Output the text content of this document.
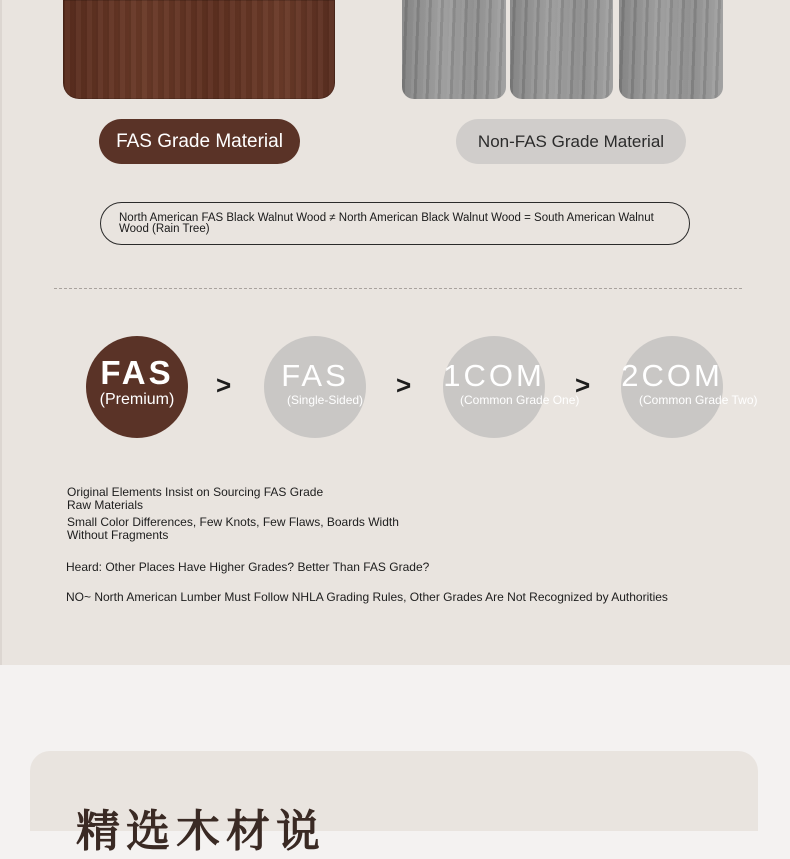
FAS Grade Material	Non-FAS Grade Material
North American FAS Black Walnut Wood ≠ North American Black Walnut Wood = South American Walnut Wood (Rain Tree)
FAS
(Premium)	>	FAS
(Single-Sided) > 1COM
(Common Grade One)
> 2COM
(Common Grade Two)
Original Elements Insist on Sourcing FAS Grade
Raw Materials
Small Color Differences, Few Knots, Few Flaws, Boards Width
Without Fragments
Heard: Other Places Have Higher Grades? Better Than FAS Grade?
NO~ North American Lumber Must Follow NHLA Grading Rules, Other Grades Are Not Recognized by Authorities
精选木材说
